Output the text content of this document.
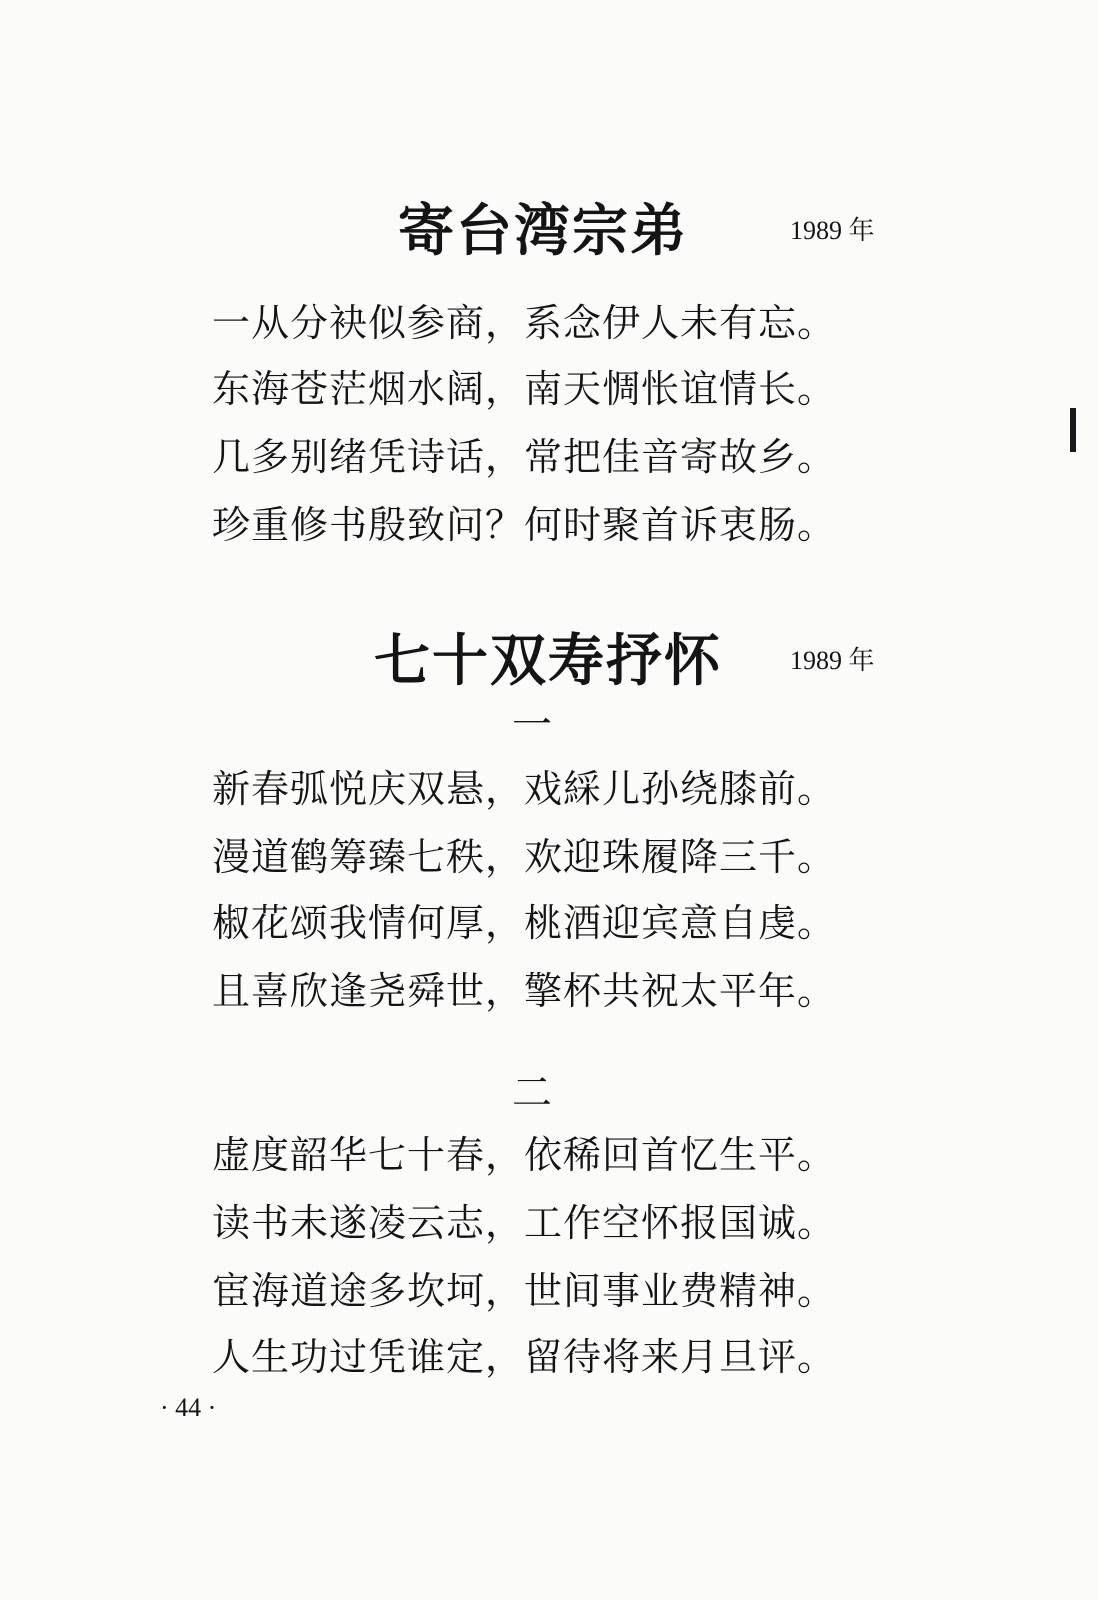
寄台湾宗弟	1989 年
一从分袂似参商，系念伊人未有忘。
东海苍茫烟水阔，南天惆怅谊情长。
几多别绪凭诗话，常把佳音寄故乡。
珍重修书殷致问？何时聚首诉衷肠。
七十双寿抒怀	1989 年
一
新春弧悦庆双悬，戏綵儿孙绕膝前。
漫道鹤筹臻七秩，欢迎珠履降三千。
椒花颂我情何厚，桃酒迎宾意自虔。
且喜欣逢尧舜世，擎杯共祝太平年。
二
虚度韶华七十春，依稀回首忆生平。
读书未遂凌云志，工作空怀报国诚。
宦海道途多坎坷，世间事业费精神。
人生功过凭谁定，留待将来月旦评。
· 44 ·
